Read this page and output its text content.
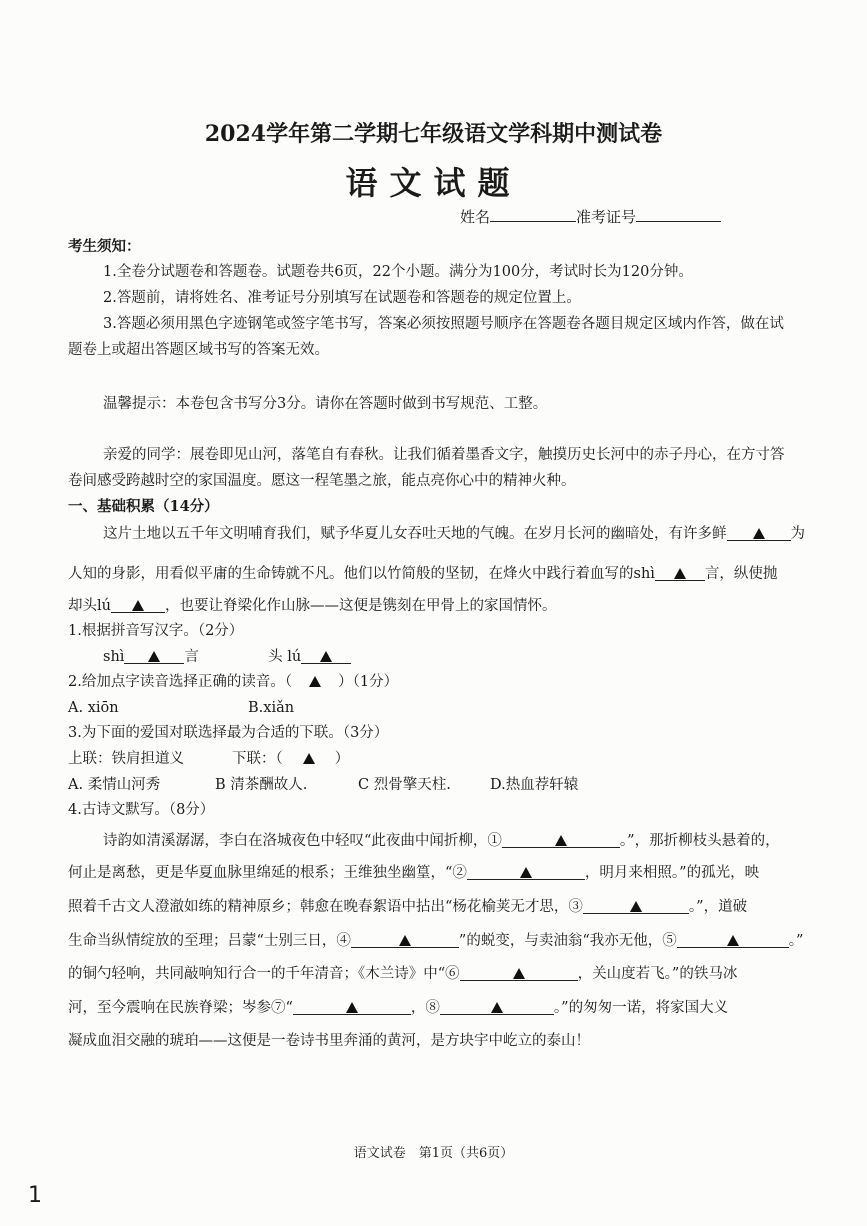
2024学年第二学期七年级语文学科期中测试卷
语文试题
姓名	准考证号
考生须知：
1.全卷分试题卷和答题卷。试题卷共6页，22个小题。满分为100分，考试时长为120分钟。
2.答题前，请将姓名、准考证号分别填写在试题卷和答题卷的规定位置上。
3.答题必须用黑色字迹钢笔或签字笔书写，答案必须按照题号顺序在答题卷各题目规定区域内作答，做在试
题卷上或超出答题区域书写的答案无效。
温馨提示：本卷包含书写分3分。请你在答题时做到书写规范、工整。
亲爱的同学：展卷即见山河，落笔自有春秋。让我们循着墨香文字，触摸历史长河中的赤子丹心，在方寸答
卷间感受跨越时空的家国温度。愿这一程笔墨之旅，能点亮你心中的精神火种。
一、基础积累（14分）
这片土地以五千年文明哺育我们，赋予华夏儿女吞吐天地的气魄。在岁月长河的幽暗处，有许多鲜	为
人知的身影，用看似平庸的生命铸就不凡。他们以竹简般的坚韧，在烽火中践行着血写的shì	言，纵使抛
却头lú	，也要让脊梁化作山脉——这便是镌刻在甲骨上的家国情怀。
1.根据拼音写汉字。（2分）
shì	言	头 lú
2.给加点字读音选择正确的读音。（	）（1分）
A. xiōn	B.xiǎn
3.为下面的爱国对联选择最为合适的下联。（3分）
上联：铁肩担道义	下联：（	）
A. 柔情山河秀	B 清茶酬故人.	C 烈骨擎天柱.	D.热血荐轩辕
4.古诗文默写。（8分）
诗韵如清溪潺潺，李白在洛城夜色中轻叹“此夜曲中闻折柳，①	。”，那折柳枝头悬着的，
何止是离愁，更是华夏血脉里绵延的根系；王维独坐幽篁，“②	，明月来相照。”的孤光，映
照着千古文人澄澈如练的精神原乡；韩愈在晚春絮语中拈出“杨花榆荚无才思，③	。”，道破
生命当纵情绽放的至理；吕蒙“士别三日，④	”的蜕变，与卖油翁“我亦无他，⑤	。”
的铜勺轻响，共同敲响知行合一的千年清音；《木兰诗》中“⑥	，关山度若飞。”的铁马冰
河，至今震响在民族脊梁；岑参⑦“	，⑧	。”的匆匆一诺，将家国大义
凝成血泪交融的琥珀——这便是一卷诗书里奔涌的黄河，是方块宇中屹立的泰山！
语文试卷　第1页（共6页）
1
